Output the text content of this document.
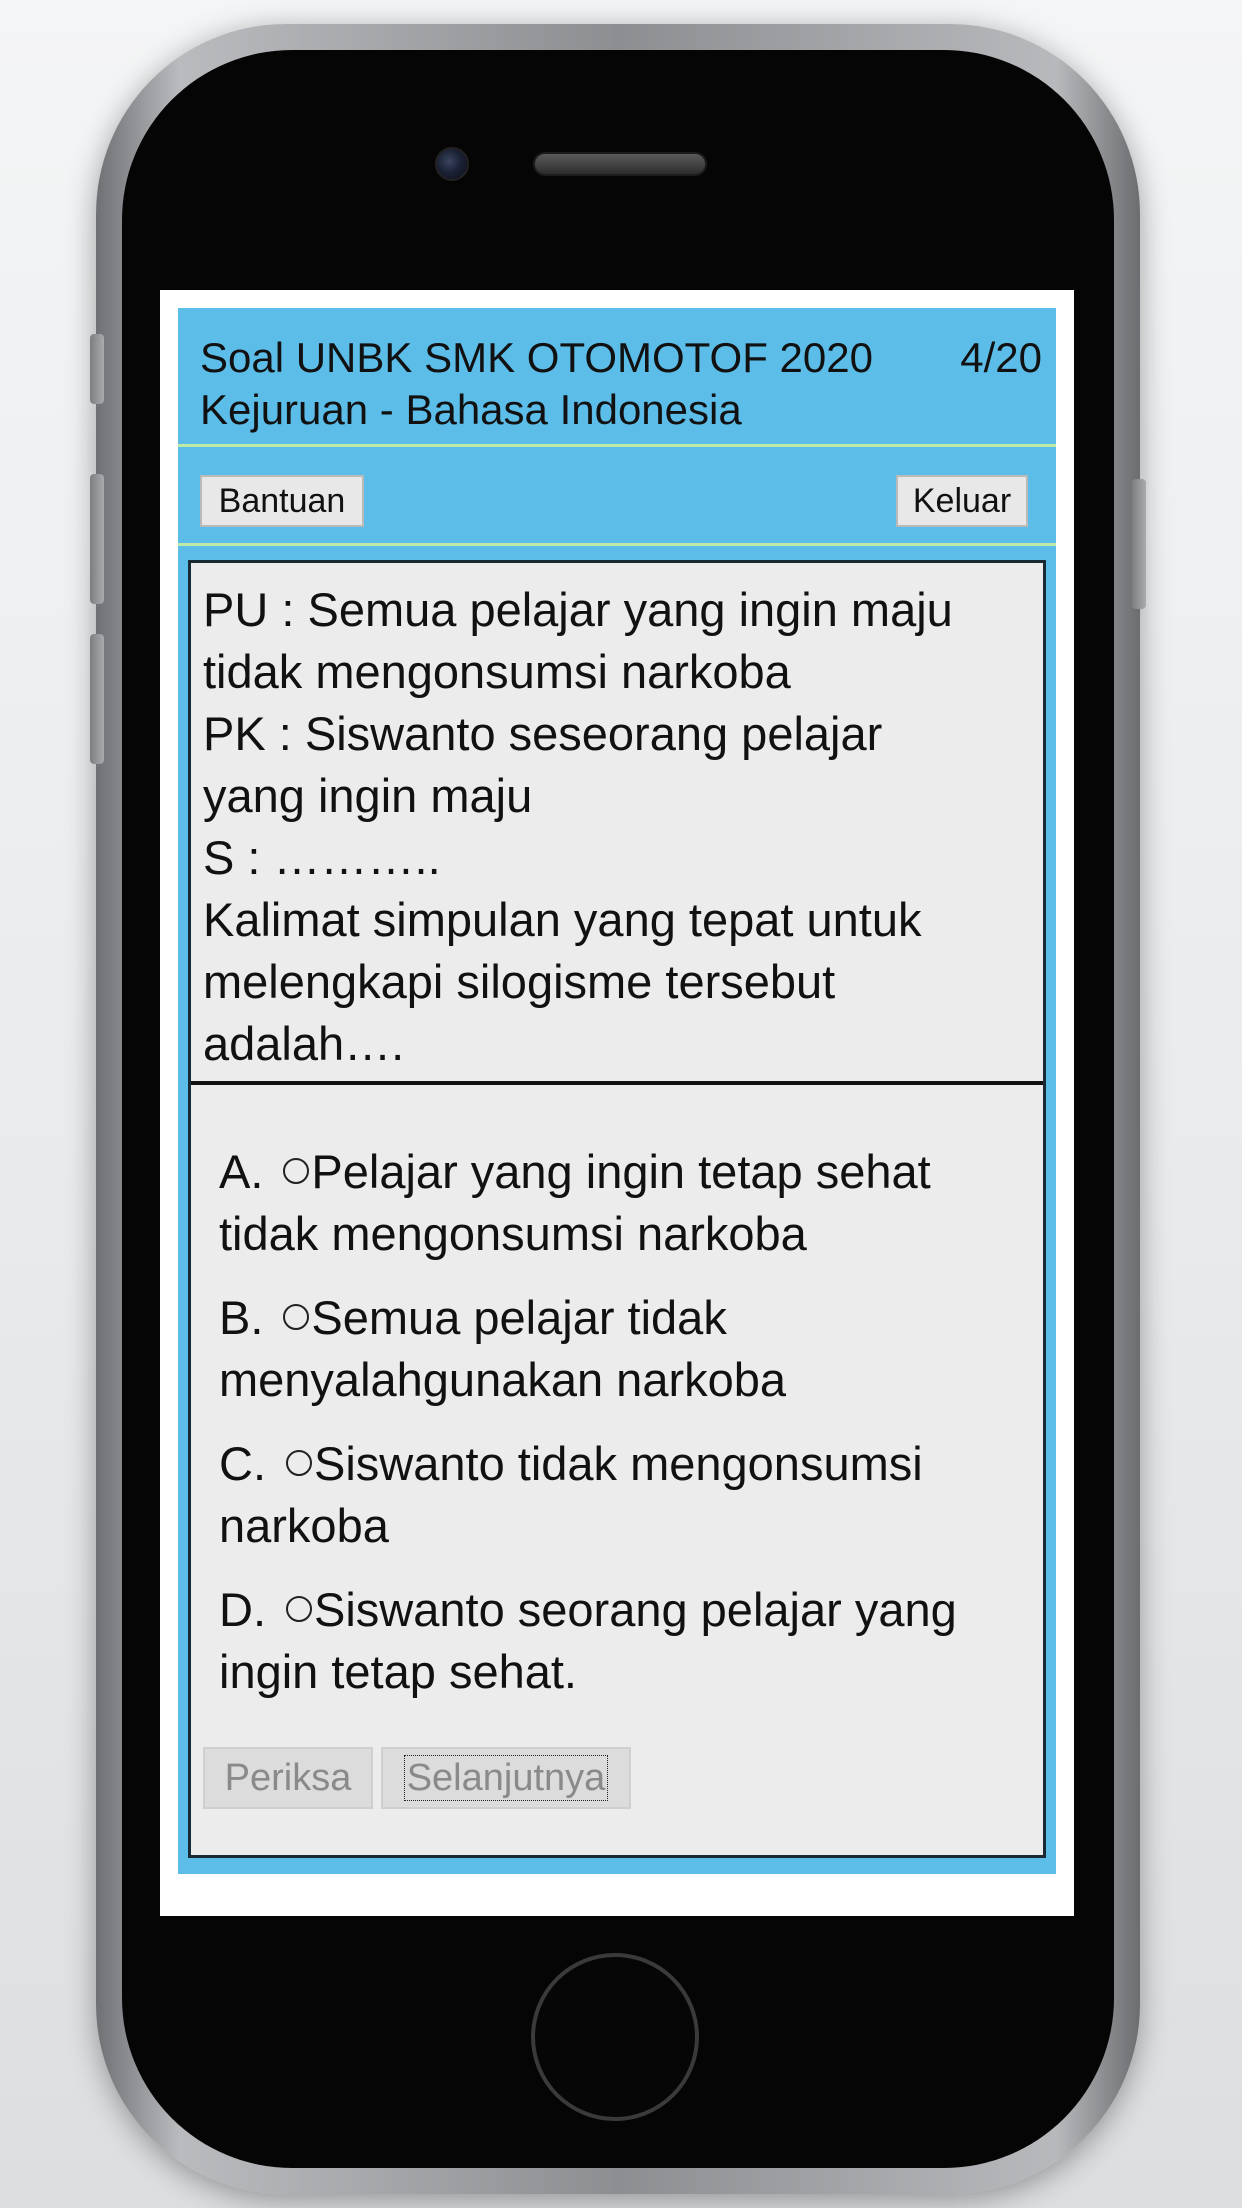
Soal UNBK SMK OTOMOTOF 2020
Kejuruan - Bahasa Indonesia
4/20
Bantuan	Keluar
PU : Semua pelajar yang ingin maju
tidak mengonsumsi narkoba
PK : Siswanto seseorang pelajar
yang ingin maju
S : ………..
Kalimat simpulan yang tepat untuk
melengkapi silogisme tersebut
adalah….
A. Pelajar yang ingin tetap sehat tidak mengonsumsi narkoba
B. Semua pelajar tidak menyalahgunakan narkoba
C. Siswanto tidak mengonsumsi narkoba
D. Siswanto seorang pelajar yang ingin tetap sehat.
Periksa	Selanjutnya
